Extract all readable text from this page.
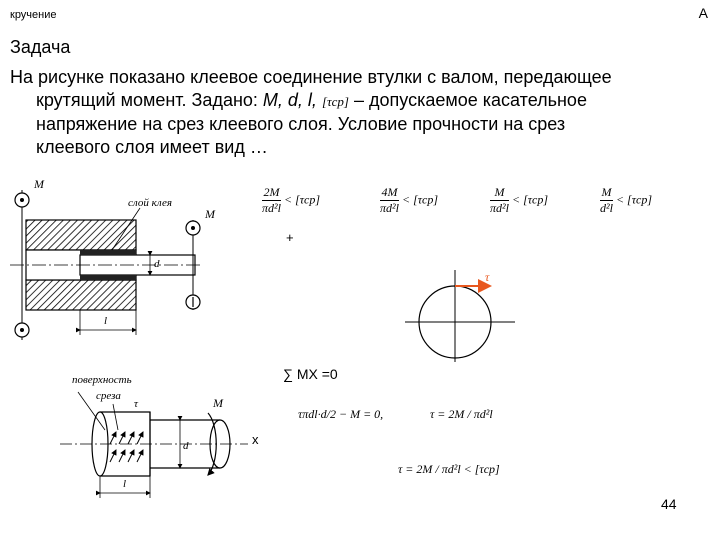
кручение	A
Задача
На рисунке показано клеевое соединение втулки с валом, передающее
крутящий момент. Задано: M, d, l, [τср] – допускаемое касательное
напряжение на срез клеевого слоя. Условие прочности на срез
клеевого слоя имеет вид …
M
M
слой клея
d
l
$\frac{2M}{\text{πd²l}} < [\tau ср]$	$\frac{4M}{\text{πd²l}} < [\tau ср]$	$\frac{M}{\text{πd²l}} < [\tau ср]$	$\frac{M}{\text{d²l}} < [\tau ср]$
+
τ
∑ MX =0
τπdl·d/2 − M = 0,	τ = 2M / πd²l
τ = 2M / πd²l < [τср]
поверхность
среза
τ	M
d
l
x
44
